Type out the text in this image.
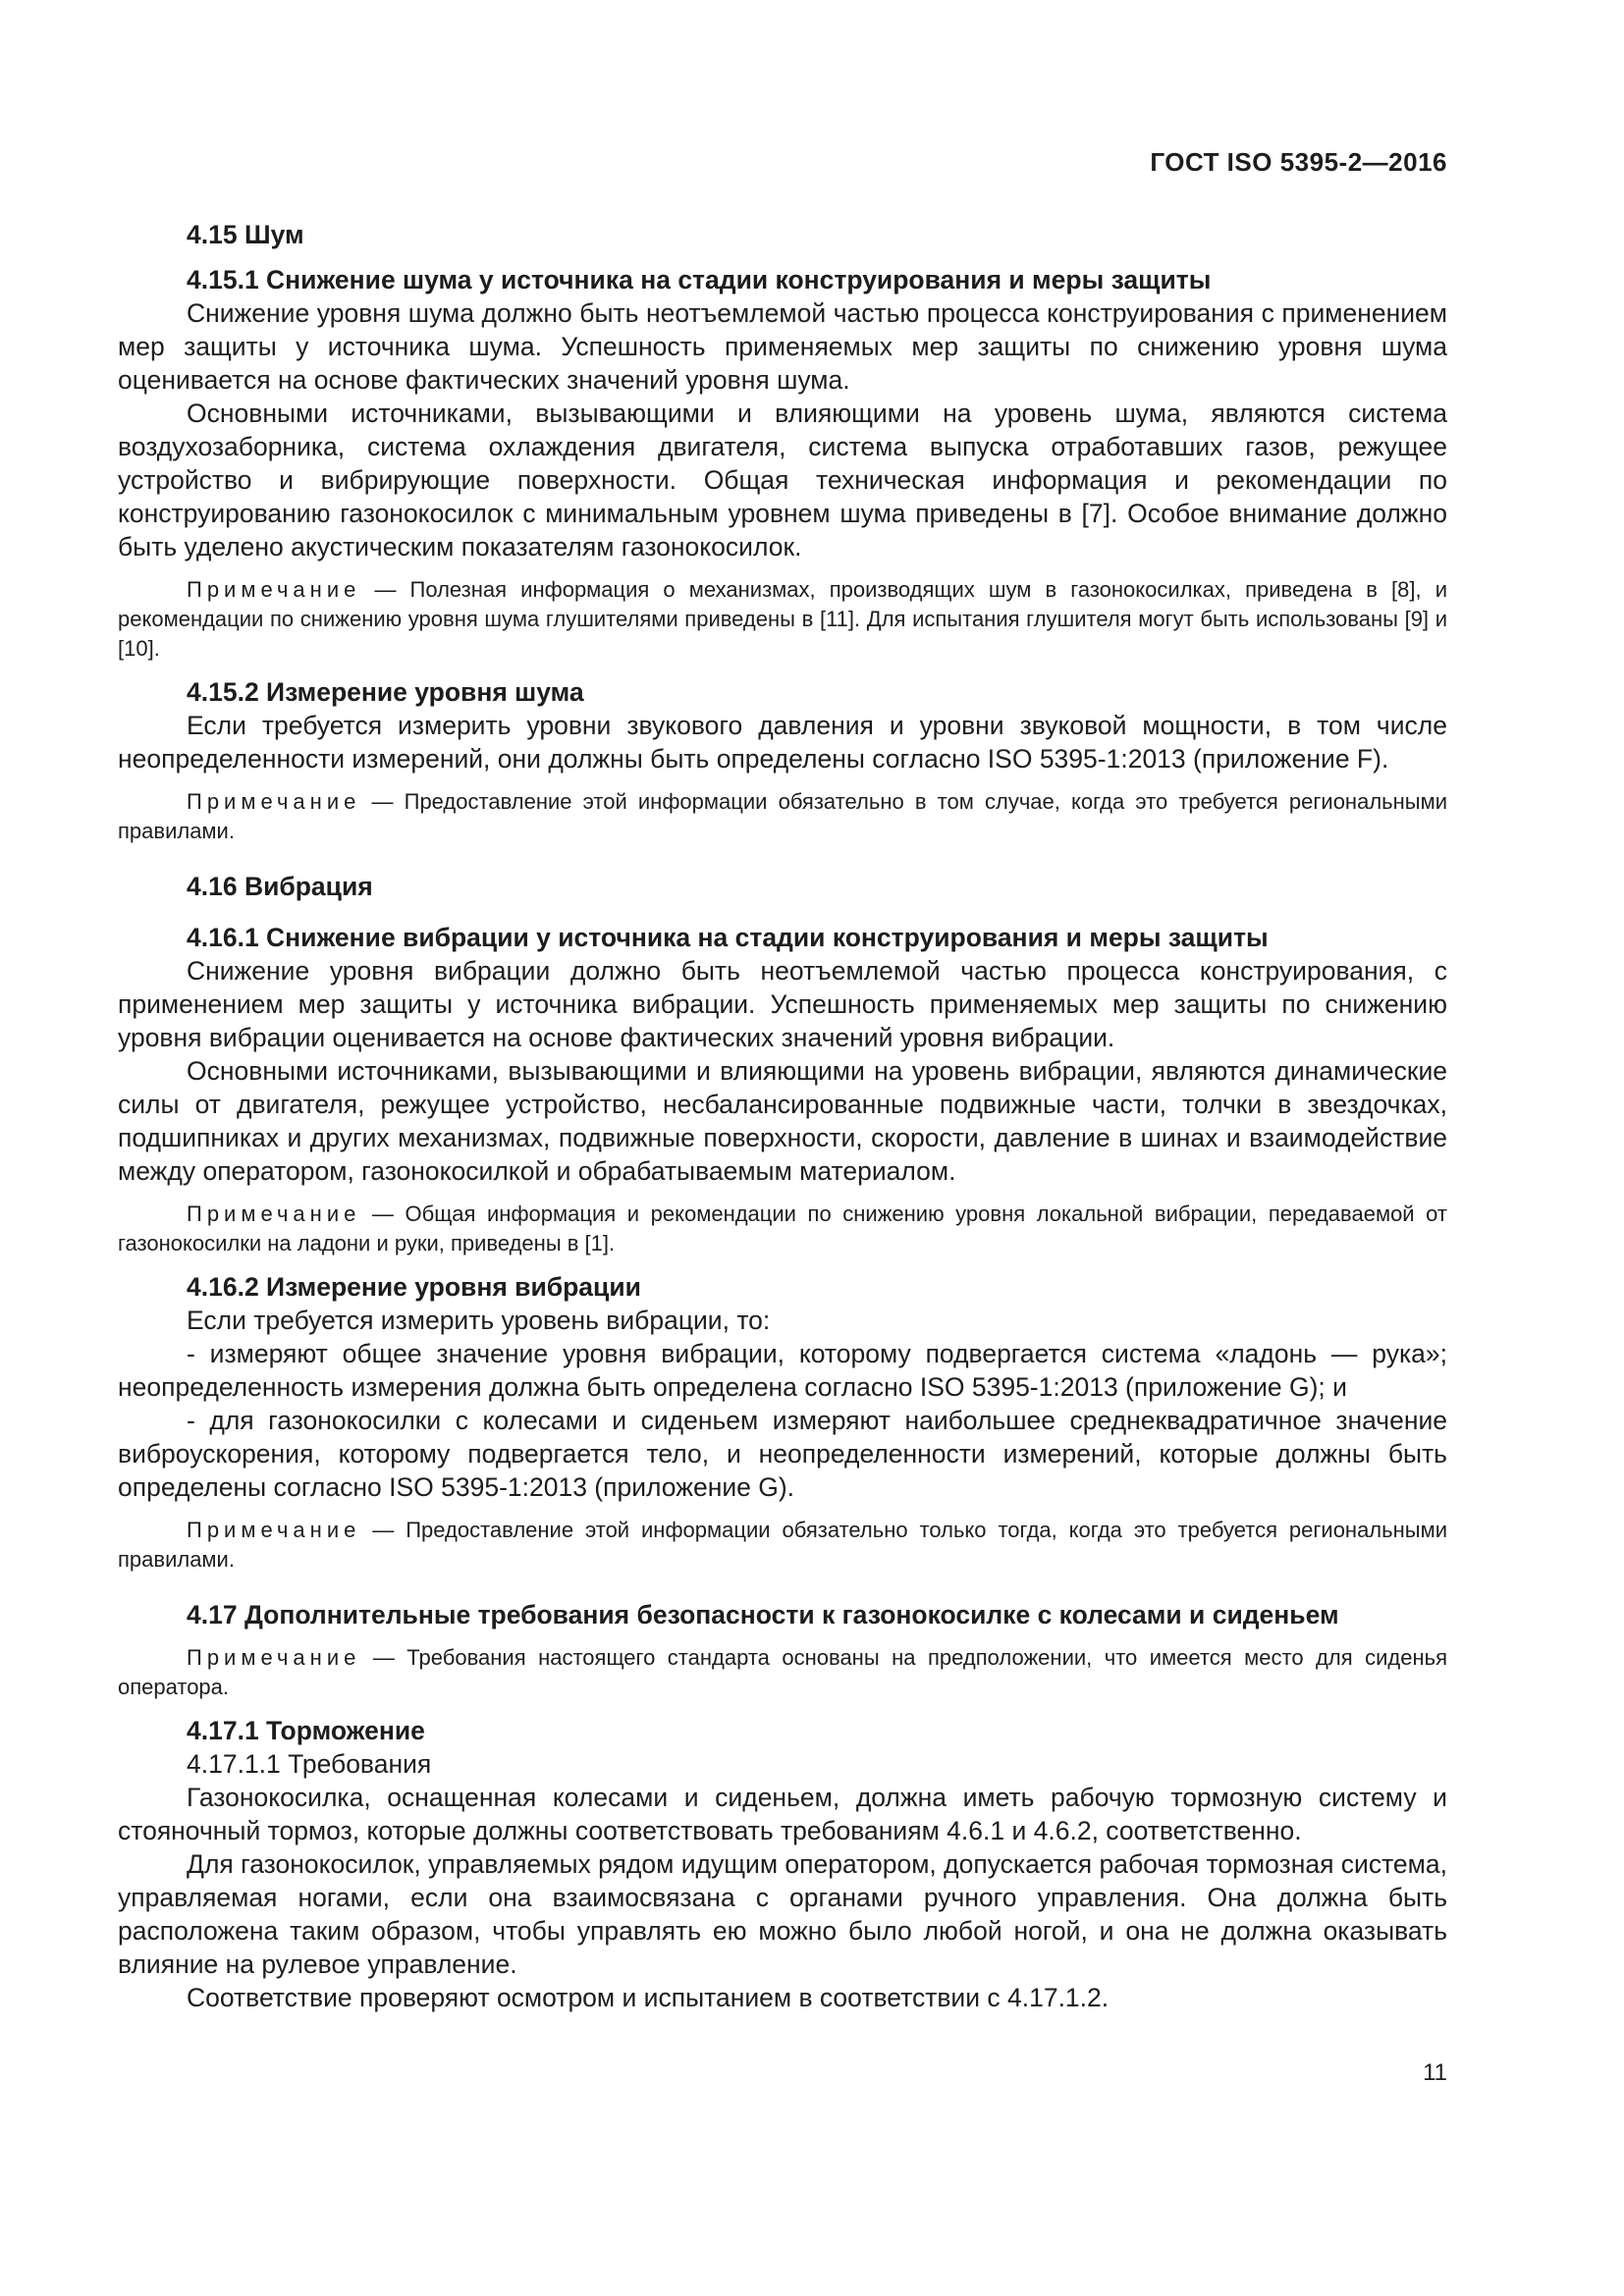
ГОСТ ISO 5395-2—2016

4.15 Шум

4.15.1 Снижение шума у источника на стадии конструирования и меры защиты

Снижение уровня шума должно быть неотъемлемой частью процесса конструирования с применением мер защиты у источника шума. Успешность применяемых мер защиты по снижению уровня шума оценивается на основе фактических значений уровня шума.

Основными источниками, вызывающими и влияющими на уровень шума, являются система воздухозаборника, система охлаждения двигателя, система выпуска отработавших газов, режущее устройство и вибрирующие поверхности. Общая техническая информация и рекомендации по конструированию газонокосилок с минимальным уровнем шума приведены в [7]. Особое внимание должно быть уделено акустическим показателям газонокосилок.

Примечание — Полезная информация о механизмах, производящих шум в газонокосилках, приведена в [8], и рекомендации по снижению уровня шума глушителями приведены в [11]. Для испытания глушителя могут быть использованы [9] и [10].

4.15.2 Измерение уровня шума

Если требуется измерить уровни звукового давления и уровни звуковой мощности, в том числе неопределенности измерений, они должны быть определены согласно ISO 5395-1:2013 (приложение F).

Примечание — Предоставление этой информации обязательно в том случае, когда это требуется региональными правилами.

4.16 Вибрация

4.16.1 Снижение вибрации у источника на стадии конструирования и меры защиты

Снижение уровня вибрации должно быть неотъемлемой частью процесса конструирования, с применением мер защиты у источника вибрации. Успешность применяемых мер защиты по снижению уровня вибрации оценивается на основе фактических значений уровня вибрации.

Основными источниками, вызывающими и влияющими на уровень вибрации, являются динамические силы от двигателя, режущее устройство, несбалансированные подвижные части, толчки в звездочках, подшипниках и других механизмах, подвижные поверхности, скорости, давление в шинах и взаимодействие между оператором, газонокосилкой и обрабатываемым материалом.

Примечание — Общая информация и рекомендации по снижению уровня локальной вибрации, передаваемой от газонокосилки на ладони и руки, приведены в [1].

4.16.2 Измерение уровня вибрации

Если требуется измерить уровень вибрации, то:

- измеряют общее значение уровня вибрации, которому подвергается система «ладонь — рука»; неопределенность измерения должна быть определена согласно ISO 5395-1:2013 (приложение G); и

- для газонокосилки с колесами и сиденьем измеряют наибольшее среднеквадратичное значение виброускорения, которому подвергается тело, и неопределенности измерений, которые должны быть определены согласно ISO 5395-1:2013 (приложение G).

Примечание — Предоставление этой информации обязательно только тогда, когда это требуется региональными правилами.

4.17 Дополнительные требования безопасности к газонокосилке с колесами и сиденьем

Примечание — Требования настоящего стандарта основаны на предположении, что имеется место для сиденья оператора.

4.17.1 Торможение

4.17.1.1 Требования

Газонокосилка, оснащенная колесами и сиденьем, должна иметь рабочую тормозную систему и стояночный тормоз, которые должны соответствовать требованиям 4.6.1 и 4.6.2, соответственно.

Для газонокосилок, управляемых рядом идущим оператором, допускается рабочая тормозная система, управляемая ногами, если она взаимосвязана с органами ручного управления. Она должна быть расположена таким образом, чтобы управлять ею можно было любой ногой, и она не должна оказывать влияние на рулевое управление.

Соответствие проверяют осмотром и испытанием в соответствии с 4.17.1.2.

11
